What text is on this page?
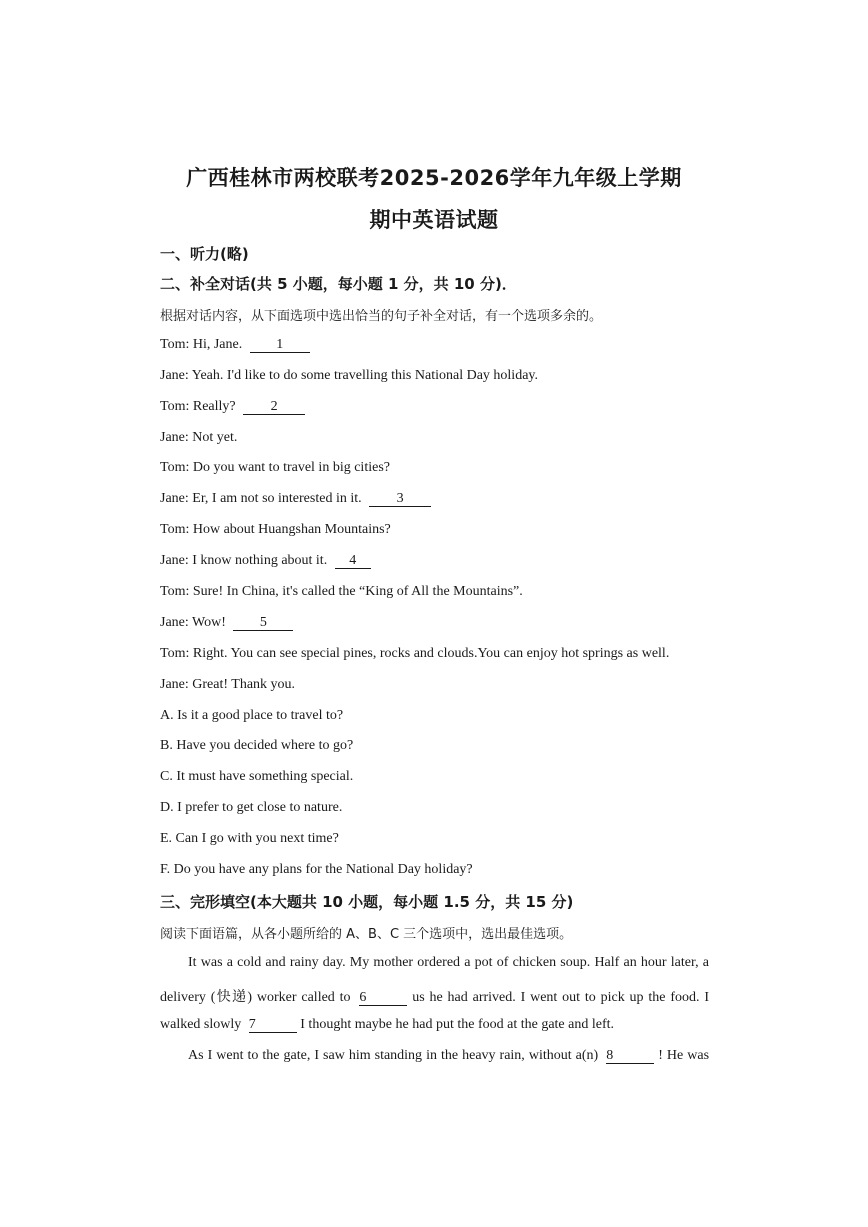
广西桂林市两校联考2025-2026学年九年级上学期
期中英语试题
一、听力(略)
二、补全对话(共 5 小题，每小题 1 分，共 10 分)．
根据对话内容，从下面选项中选出恰当的句子补全对话，有一个选项多余的。
Tom: Hi, Jane. 1
Jane: Yeah. I'd like to do some travelling this National Day holiday.
Tom: Really?	2
Jane: Not yet.
Tom: Do you want to travel in big cities?
Jane: Er, I am not so interested in it.	3
Tom: How about Huangshan Mountains?
Jane: I know nothing about it. 4
Tom: Sure! In China, it's called the “King of All the Mountains”.
Jane: Wow! 5
Tom: Right. You can see special pines, rocks and clouds.You can enjoy hot springs as well.
Jane: Great! Thank you.
A. Is it a good place to travel to?
B. Have you decided where to go?
C. It must have something special.
D. I prefer to get close to nature.
E. Can I go with you next time?
F. Do you have any plans for the National Day holiday?
三、完形填空(本大题共 10 小题，每小题 1.5 分，共 15 分)
阅读下面语篇，从各小题所给的 A、B、C 三个选项中，选出最佳选项。
It was a cold and rainy day. My mother ordered a pot of chicken soup. Half an hour later, a
delivery (快递) worker called to 6	us he had arrived. I went out to pick up the food. I
walked slowly 7	I thought maybe he had put the food at the gate and left.
As I went to the gate, I saw him standing in the heavy rain, without a(n) 8	! He was
